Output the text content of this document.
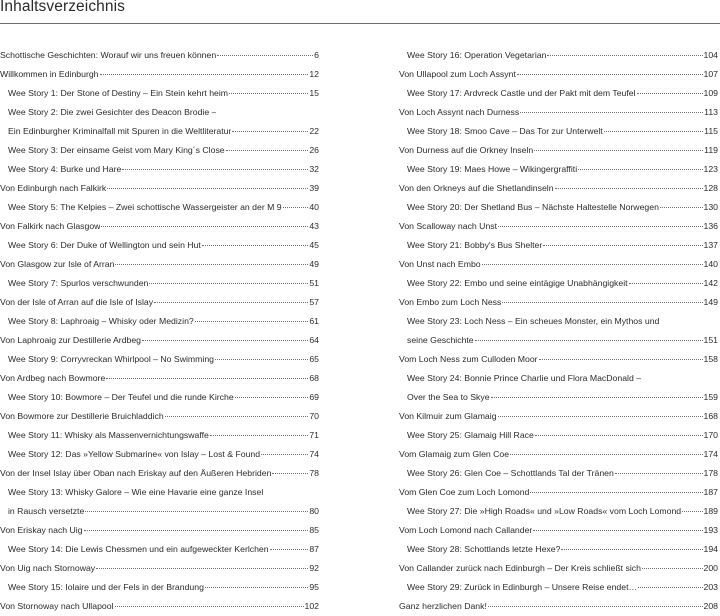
Inhaltsverzeichnis
Schottische Geschichten: Worauf wir uns freuen können	6
Willkommen in Edinburgh	12
Wee Story 1: Der Stone of Destiny – Ein Stein kehrt heim	15
Wee Story 2: Die zwei Gesichter des Deacon Brodie –
Ein Edinburgher Kriminalfall mit Spuren in die Weltliteratur	22
Wee Story 3: Der einsame Geist vom Mary King´s Close	26
Wee Story 4: Burke und Hare	32
Von Edinburgh nach Falkirk	39
Wee Story 5: The Kelpies – Zwei schottische Wassergeister an der M 9	40
Von Falkirk nach Glasgow	43
Wee Story 6: Der Duke of Wellington und sein Hut	45
Von Glasgow zur Isle of Arran	49
Wee Story 7: Spurlos verschwunden	51
Von der Isle of Arran auf die Isle of Islay	57
Wee Story 8: Laphroaig – Whisky oder Medizin?	61
Von Laphroaig zur Destillerie Ardbeg	64
Wee Story 9: Corryvreckan Whirlpool – No Swimming	65
Von Ardbeg nach Bowmore	68
Wee Story 10: Bowmore – Der Teufel und die runde Kirche	69
Von Bowmore zur Destillerie Bruichladdich	70
Wee Story 11: Whisky als Massenvernichtungswaffe	71
Wee Story 12: Das »Yellow Submarine« von Islay – Lost & Found	74
Von der Insel Islay über Oban nach Eriskay auf den Äußeren Hebriden	78
Wee Story 13: Whisky Galore – Wie eine Havarie eine ganze Insel
in Rausch versetzte	80
Von Eriskay nach Uig	85
Wee Story 14: Die Lewis Chessmen und ein aufgeweckter Kerlchen	87
Von Uig nach Stornoway	92
Wee Story 15: Iolaire und der Fels in der Brandung	95
Von Stornoway nach Ullapool	102
Wee Story 16: Operation Vegetarian	104
Von Ullapool zum Loch Assynt	107
Wee Story 17: Ardvreck Castle und der Pakt mit dem Teufel	109
Von Loch Assynt nach Durness	113
Wee Story 18: Smoo Cave – Das Tor zur Unterwelt	115
Von Durness auf die Orkney Inseln	119
Wee Story 19: Maes Howe – Wikingergraffiti	123
Von den Orkneys auf die Shetlandinseln	128
Wee Story 20: Der Shetland Bus – Nächste Haltestelle Norwegen	130
Von Scalloway nach Unst	136
Wee Story 21: Bobby's Bus Shelter	137
Von Unst nach Embo	140
Wee Story 22: Embo und seine eintägige Unabhängigkeit	142
Von Embo zum Loch Ness	149
Wee Story 23: Loch Ness – Ein scheues Monster, ein Mythos und
seine Geschichte	151
Vom Loch Ness zum Culloden Moor	158
Wee Story 24: Bonnie Prince Charlie und Flora MacDonald –
Over the Sea to Skye	159
Von Kilmuir zum Glamaig	168
Wee Story 25: Glamaig Hill Race	170
Vom Glamaig zum Glen Coe	174
Wee Story 26: Glen Coe – Schottlands Tal der Tränen	178
Vom Glen Coe zum Loch Lomond	187
Wee Story 27: Die »High Roads« und »Low Roads« vom Loch Lomond	189
Vom Loch Lomond nach Callander	193
Wee Story 28: Schottlands letzte Hexe?	194
Von Callander zurück nach Edinburgh – Der Kreis schließt sich	200
Wee Story 29: Zurück in Edinburgh – Unsere Reise endet…	203
Ganz herzlichen Dank!	208
